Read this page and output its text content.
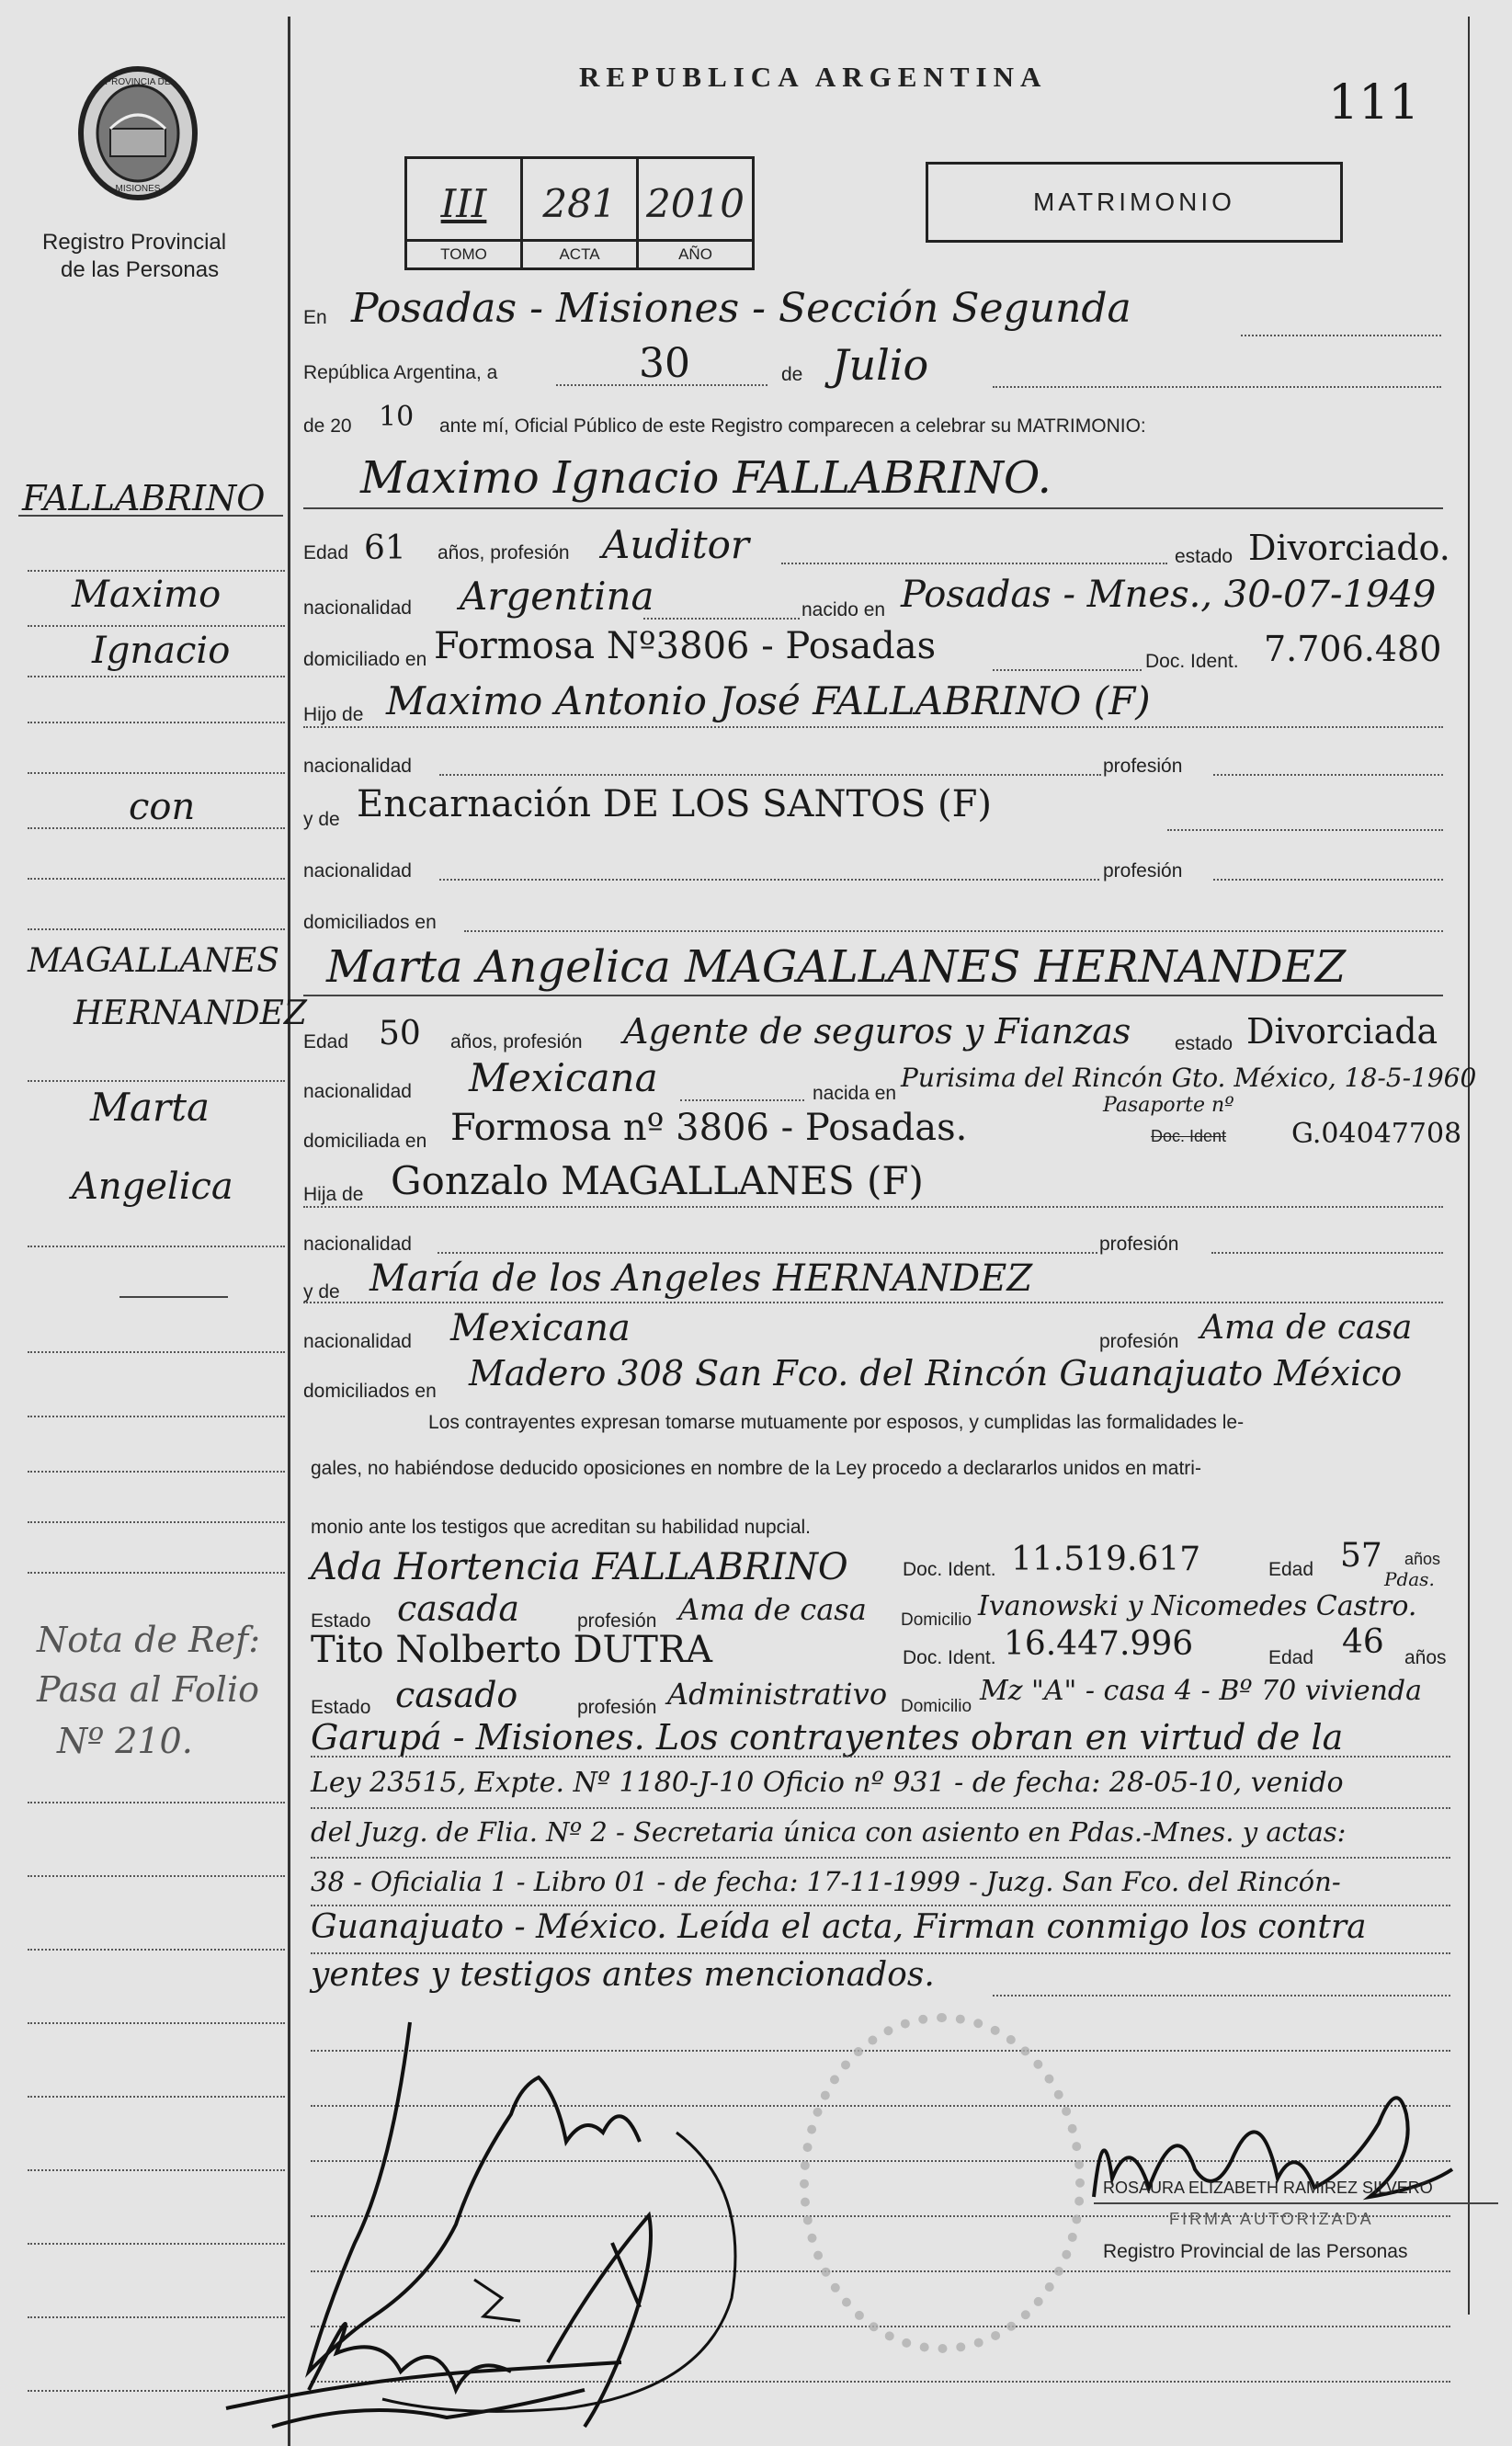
PROVINCIA DE
MISIONES
Registro Provincial
de las Personas
REPUBLICA ARGENTINA	111
III
TOMO
281
ACTA
2010
AÑO
MATRIMONIO
FALLABRINO
Maximo
Ignacio
con
MAGALLANES
HERNANDEZ
Marta
Angelica
Nota de Ref:
Pasa al Folio
Nº 210.
En Posadas - Misiones - Sección Segunda
República Argentina, a	30	de Julio
de 20 10 ante mí, Oficial Público de este Registro comparecen a celebrar su MATRIMONIO:
Maximo Ignacio FALLABRINO.
Edad 61 años, profesión Auditor	estado Divorciado.
nacionalidad Argentina	nacido en Posadas - Mnes., 30-07-1949
domiciliado en Formosa Nº3806 - Posadas	Doc. Ident. 7.706.480
Hijo de Maximo Antonio José FALLABRINO (F)
nacionalidad	profesión
y de Encarnación DE LOS SANTOS (F)
nacionalidad	profesión
domiciliados en
Marta Angelica MAGALLANES HERNANDEZ
Edad 50 años, profesión Agente de seguros y Fianzas estado Divorciada
nacionalidad Mexicana	nacida en
Purisima del Rincón Gto. México, 18-5-1960
domiciliada en Formosa nº 3806 - Posadas.
Pasaporte nº
Doc. Ident G.04047708
Hija de Gonzalo MAGALLANES (F)
nacionalidad	profesión
y de María de los Angeles HERNANDEZ
nacionalidad Mexicana	profesión Ama de casa
domiciliados en Madero 308 San Fco. del Rincón Guanajuato México
Los contrayentes expresan tomarse mutuamente por esposos, y cumplidas las formalidades le-
gales, no habiéndose deducido oposiciones en nombre de la Ley procedo a declararlos unidos en matri-
monio ante los testigos que acreditan su habilidad nupcial.
Ada Hortencia FALLABRINO	Doc. Ident. 11.519.617	Edad 57 años
Pdas.
Estado casada	profesión Ama de casa Domicilio Ivanowski y Nicomedes Castro.
Tito Nolberto DUTRA	Doc. Ident. 16.447.996	Edad 46 años
Estado casado	profesión Administrativo Domicilio Mz "A" - casa 4 - Bº 70 vivienda
Garupá - Misiones. Los contrayentes obran en virtud de la
Ley 23515, Expte. Nº 1180-J-10 Oficio nº 931 - de fecha: 28-05-10, venido
del Juzg. de Flia. Nº 2 - Secretaria única con asiento en Pdas.-Mnes. y actas:
38 - Oficialia 1 - Libro 01 - de fecha: 17-11-1999 - Juzg. San Fco. del Rincón-
Guanajuato - México. Leída el acta, Firman conmigo los contra
yentes y testigos antes mencionados.
ROSAURA ELIZABETH RAMIREZ SILVERO
FIRMA AUTORIZADA
Registro Provincial de las Personas
